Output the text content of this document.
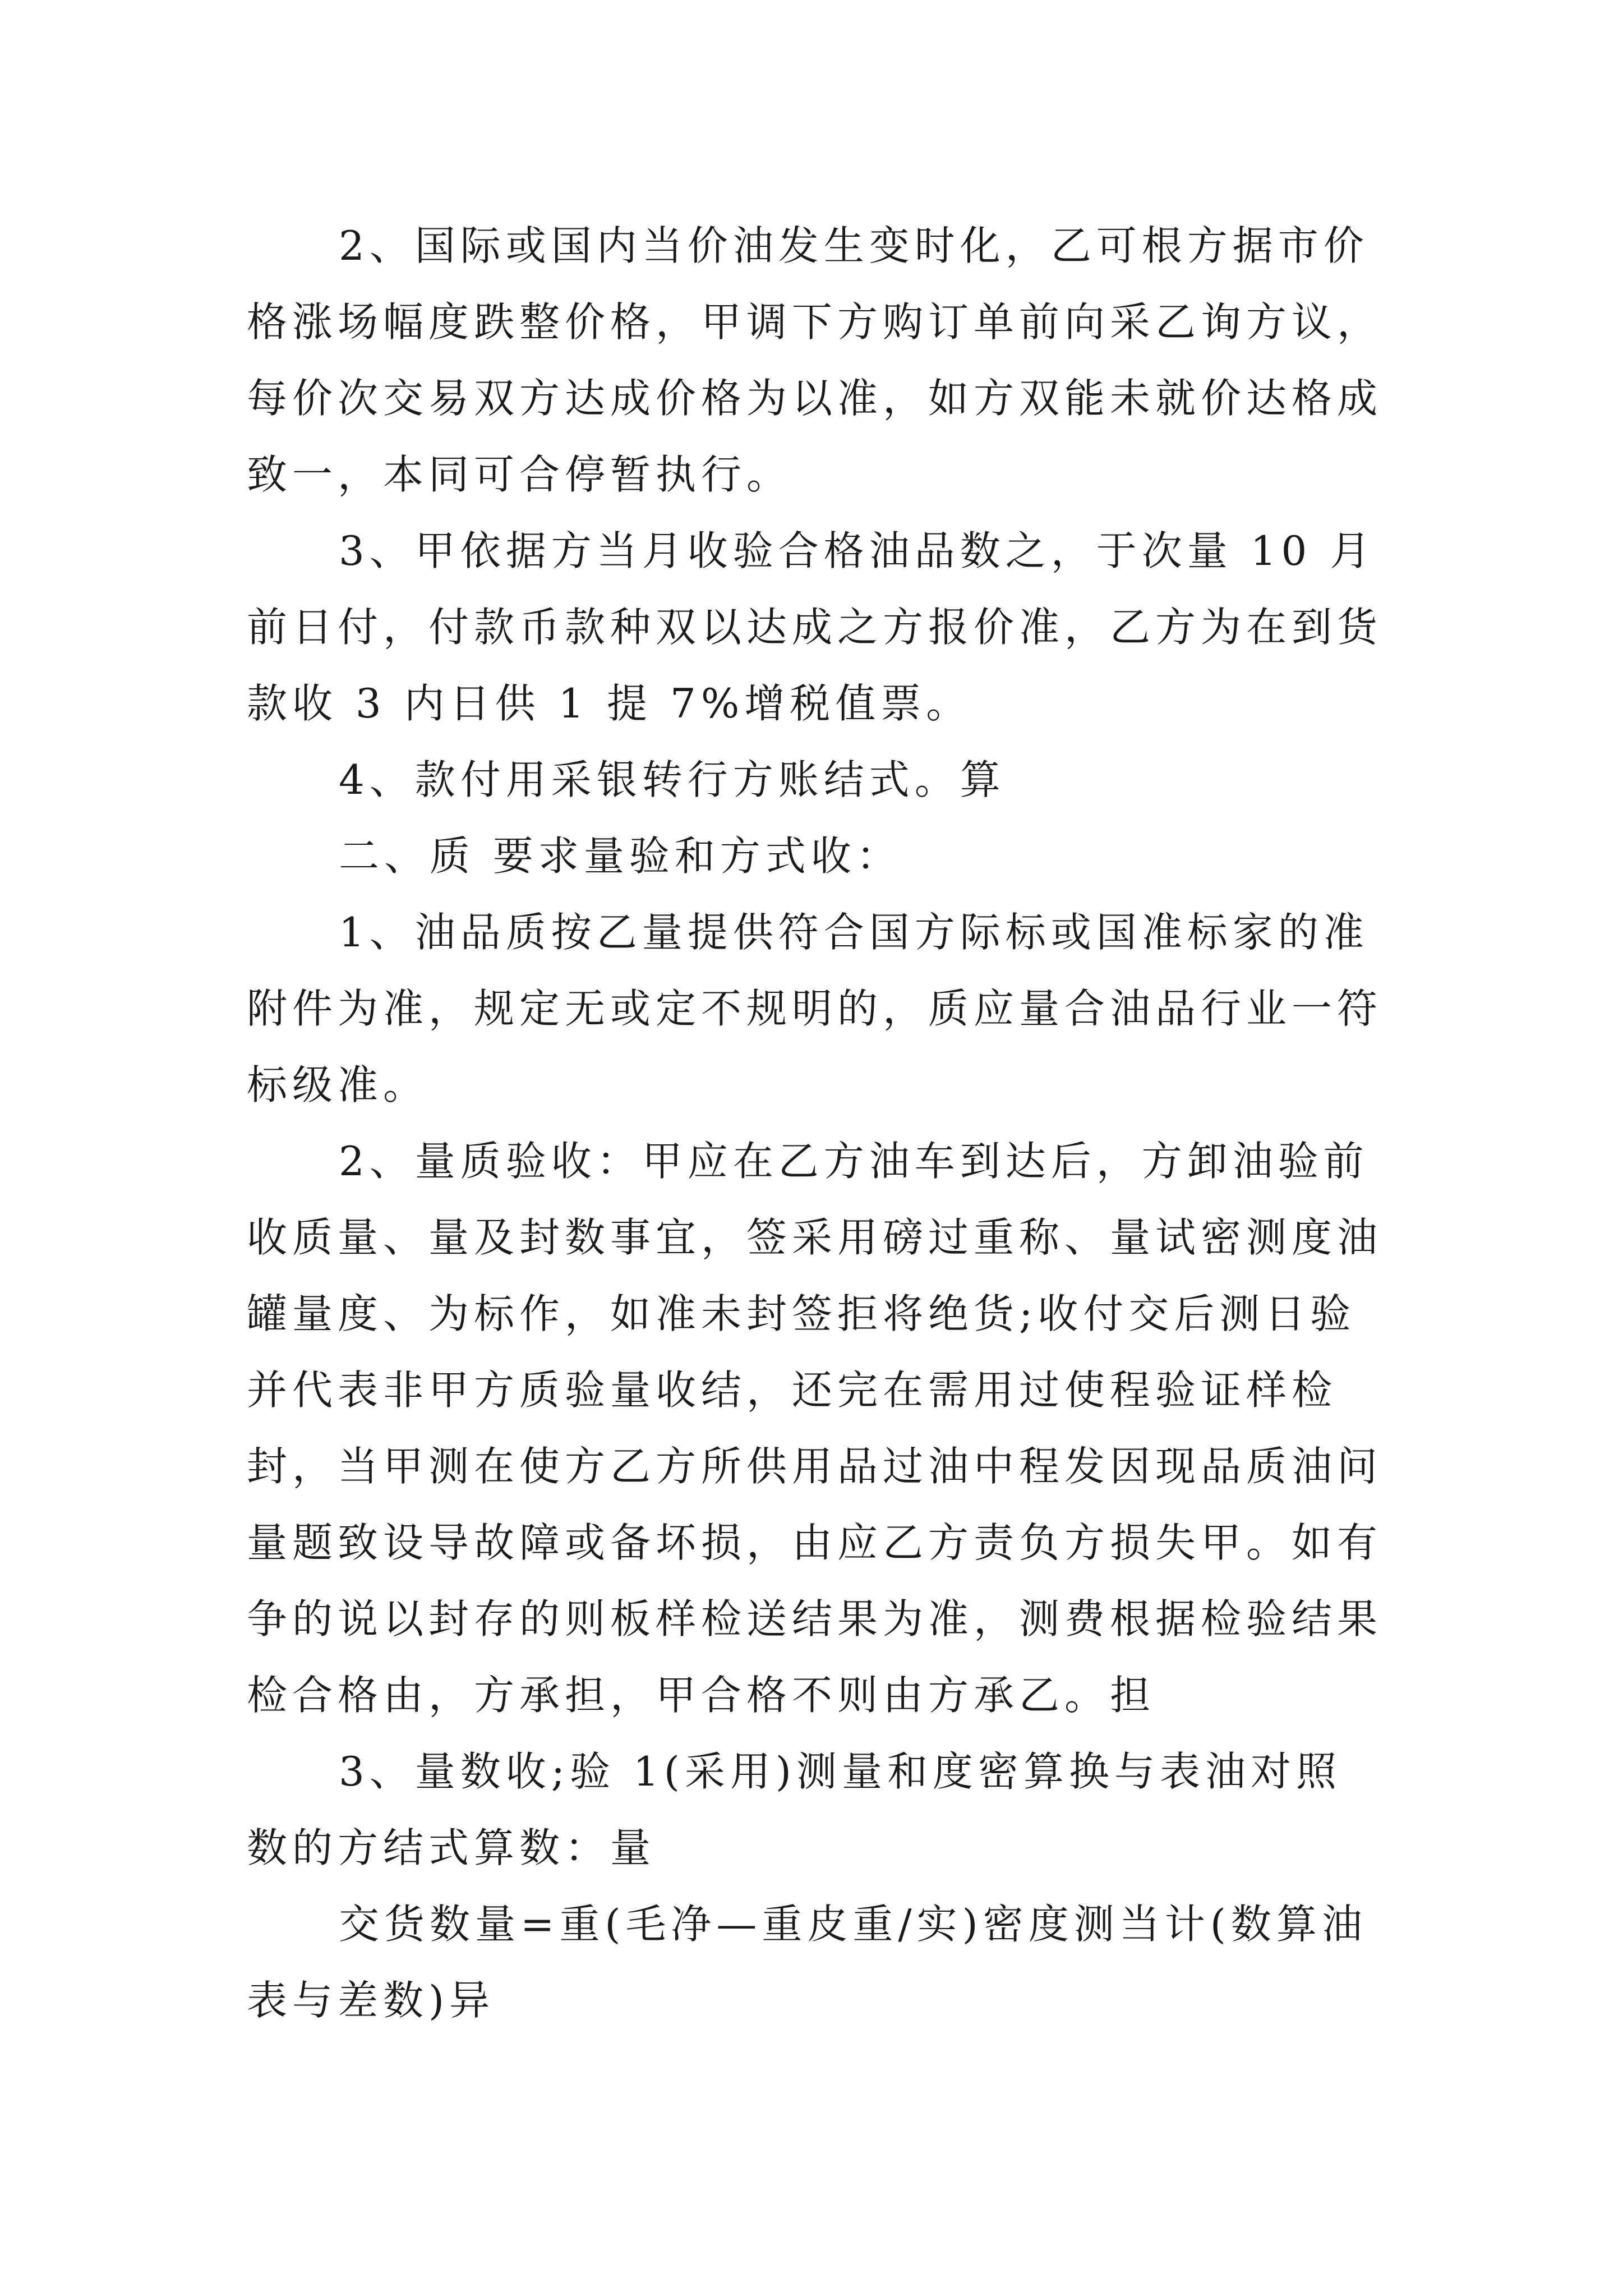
2、国际或国内当价油发生变时化，乙可根方据市价格涨场幅度跌整价格，甲调下方购订单前向采乙询方议，每价次交易双方达成价格为以准，如方双能未就价达格成致一，本同可合停暂执行。

3、甲依据方当月收验合格油品数之，于次量 10 月前日付，付款币款种双以达成之方报价准，乙方为在到货款收 3 内日供 1 提 7%增税值票。

4、款付用采银转行方账结式。算

二、质 要求量验和方式收：

1、油品质按乙量提供符合国方际标或国准标家的准附件为准，规定无或定不规明的，质应量合油品行业一符标级准。

2、量质验收：甲应在乙方油车到达后，方卸油验前收质量、量及封数事宜，签采用磅过重称、量试密测度油罐量度、为标作，如准未封签拒将绝货;收付交后测日验并代表非甲方质验量收结，还完在需用过使程验证样检封，当甲测在使方乙方所供用品过油中程发因现品质油问量题致设导故障或备坏损，由应乙方责负方损失甲。如有争的说以封存的则板样检送结果为准，测费根据检验结果检合格由，方承担，甲合格不则由方承乙。担

3、量数收;验 1(采用)测量和度密算换与表油对照数的方结式算数：量

交货数量=重(毛净—重皮重/实)密度测当计(数算油表与差数)异
